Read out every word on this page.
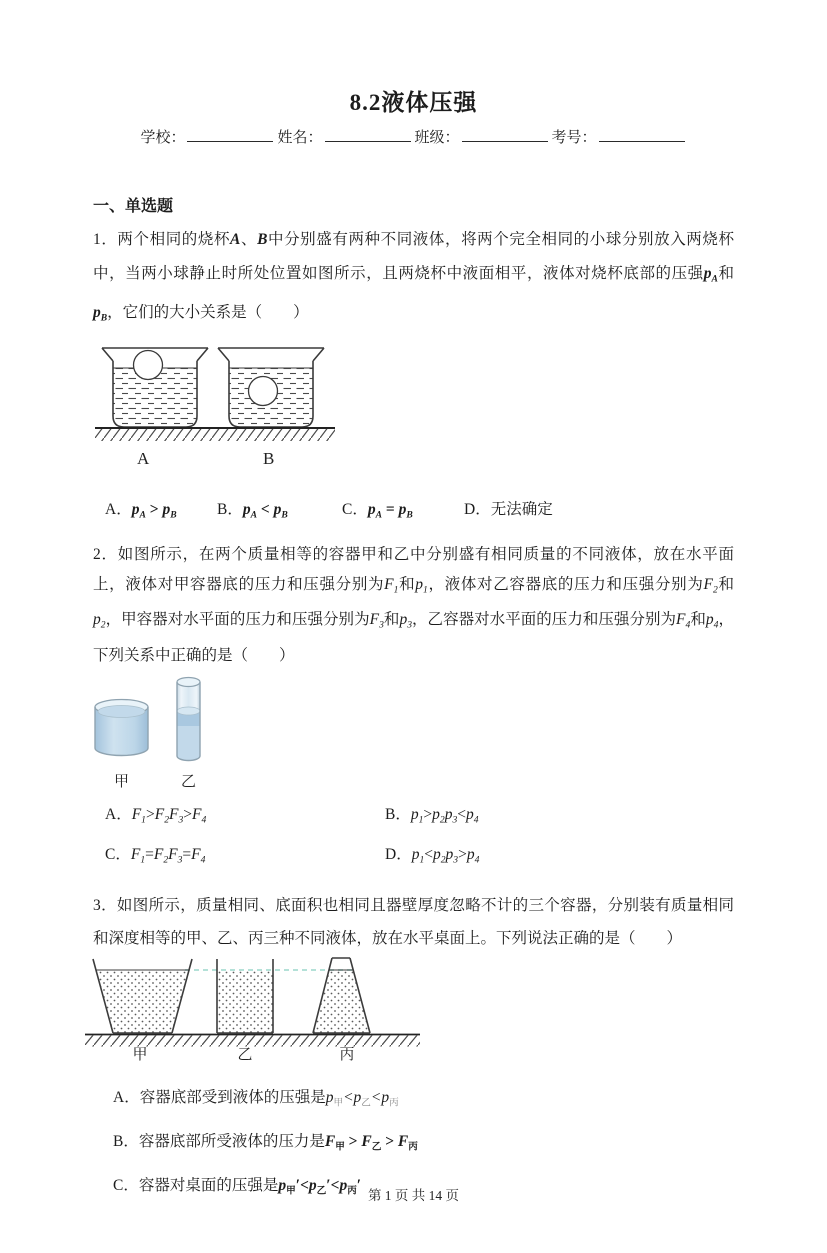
8.2液体压强
学校：	姓名：	班级：	考号：
一、单选题
1．两个相同的烧杯A、B中分别盛有两种不同液体，将两个完全相同的小球分别放入两烧杯中，当两小球静止时所处位置如图所示，且两烧杯中液面相平，液体对烧杯底部的压强$p_A$和$p_B$，它们的大小关系是（　　）
A	B
A．$p_A > p_B$	B．$p_A < p_B$	C．$p_A = p_B$	D．无法确定
2．如图所示，在两个质量相等的容器甲和乙中分别盛有相同质量的不同液体，放在水平面上，液体对甲容器底的压力和压强分别为$F_1$和$p_1$，液体对乙容器底的压力和压强分别为$F_2$和$p_2$，甲容器对水平面的压力和压强分别为$F_3$和$p_3$，乙容器对水平面的压力和压强分别为$F_4$和$p_4$，下列关系中正确的是（　　）
甲	乙
A．$F_1>F_2F_3>F_4$	B．$p_1>p_2p_3<p_4$
C．$F_1=F_2F_3=F_4$	D．$p_1<p_2p_3>p_4$
3．如图所示，质量相同、底面积也相同且器壁厚度忽略不计的三个容器，分别装有质量相同和深度相等的甲、乙、丙三种不同液体，放在水平桌面上。下列说法正确的是（　　）
甲	乙	丙
A．容器底部受到液体的压强是$p_甲<p_乙<p_丙$
B．容器底部所受液体的压力是$F_甲 > F_乙 > F_丙$
C．容器对桌面的压强是$p_甲'<p_乙'<p_丙'$
第 1 页 共 14 页
